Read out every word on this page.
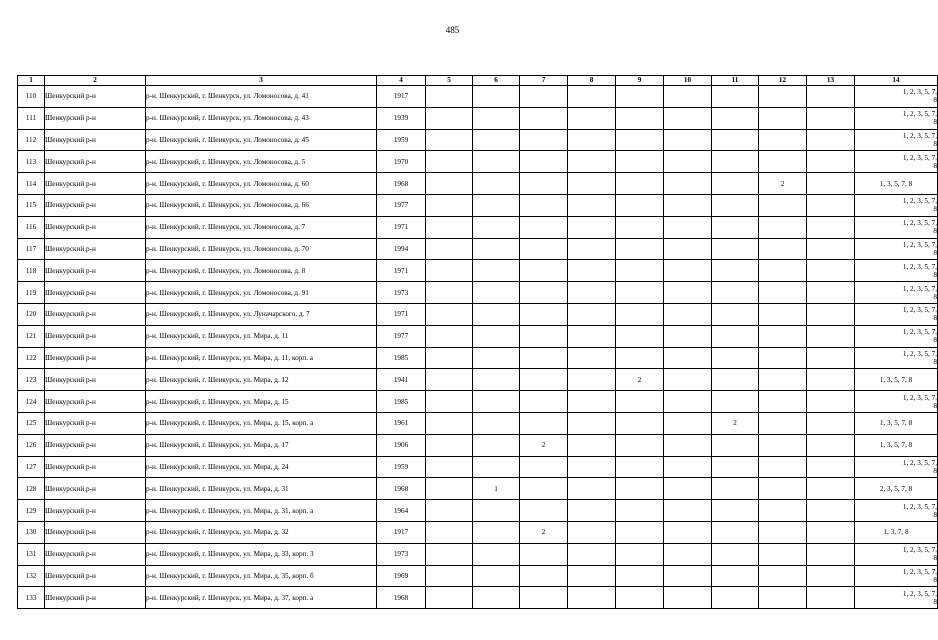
485
1	2	3	4	5	6	7	8	9	10	11	12	13	14
110	Шенкурский р-н	р-н. Шенкурский, г. Шенкурск, ул. Ломоносова, д. 41	1917										1, 2, 3, 5, 7,
8

111	Шенкурский р-н	р-н. Шенкурский, г. Шенкурск, ул. Ломоносова, д. 43	1939										1, 2, 3, 5, 7,
8

112	Шенкурский р-н	р-н. Шенкурский, г. Шенкурск, ул. Ломоносова, д. 45	1959										1, 2, 3, 5, 7,
8

113	Шенкурский р-н	р-н. Шенкурский, г. Шенкурск, ул. Ломоносова, д. 5	1970										1, 2, 3, 5, 7,
8

114	Шенкурский р-н	р-н. Шенкурский, г. Шенкурск, ул. Ломоносова, д. 60	1968								2		1, 3, 5, 7, 8

115	Шенкурский р-н	р-н. Шенкурский, г. Шенкурск, ул. Ломоносова, д. 66	1977										1, 2, 3, 5, 7,
8

116	Шенкурский р-н	р-н. Шенкурский, г. Шенкурск, ул. Ломоносова, д. 7	1971										1, 2, 3, 5, 7,
8

117	Шенкурский р-н	р-н. Шенкурский, г. Шенкурск, ул. Ломоносова, д. 70	1994										1, 2, 3, 5, 7,
8

118	Шенкурский р-н	р-н. Шенкурский, г. Шенкурск, ул. Ломоносова, д. 8	1971										1, 2, 3, 5, 7,
8

119	Шенкурский р-н	р-н. Шенкурский, г. Шенкурск, ул. Ломоносова, д. 91	1973										1, 2, 3, 5, 7,
8

120	Шенкурский р-н	р-н. Шенкурский, г. Шенкурск, ул. Луначарского, д. 7	1971										1, 2, 3, 5, 7,
8

121	Шенкурский р-н	р-н. Шенкурский, г. Шенкурск, ул. Мира, д. 11	1977										1, 2, 3, 5, 7,
8

122	Шенкурский р-н	р-н. Шенкурский, г. Шенкурск, ул. Мира, д. 11, корп. а	1985										1, 2, 3, 5, 7,
8

123	Шенкурский р-н	р-н. Шенкурский, г. Шенкурск, ул. Мира, д. 12	1941					2					1, 3, 5, 7, 8

124	Шенкурский р-н	р-н. Шенкурский, г. Шенкурск, ул. Мира, д. 15	1985										1, 2, 3, 5, 7,
8

125	Шенкурский р-н	р-н. Шенкурский, г. Шенкурск, ул. Мира, д. 15, корп. а	1961							2			1, 3, 5, 7, 8

126	Шенкурский р-н	р-н. Шенкурский, г. Шенкурск, ул. Мира, д. 17	1906			2							1, 3, 5, 7, 8

127	Шенкурский р-н	р-н. Шенкурский, г. Шенкурск, ул. Мира, д. 24	1959										1, 2, 3, 5, 7,
8

128	Шенкурский р-н	р-н. Шенкурский, г. Шенкурск, ул. Мира, д. 31	1968		1								2, 3, 5, 7, 8

129	Шенкурский р-н	р-н. Шенкурский, г. Шенкурск, ул. Мира, д. 31, корп. а	1964										1, 2, 3, 5, 7,
8

130	Шенкурский р-н	р-н. Шенкурский, г. Шенкурск, ул. Мира, д. 32	1917			2							1, 3, 7, 8

131	Шенкурский р-н	р-н. Шенкурский, г. Шенкурск, ул. Мира, д. 33, корп. 3	1973										1, 2, 3, 5, 7,
8

132	Шенкурский р-н	р-н. Шенкурский, г. Шенкурск, ул. Мира, д. 35, корп. б	1969										1, 2, 3, 5, 7,
8

133	Шенкурский р-н	р-н. Шенкурский, г. Шенкурск, ул. Мира, д. 37, корп. а	1968										1, 2, 3, 5, 7,
8
